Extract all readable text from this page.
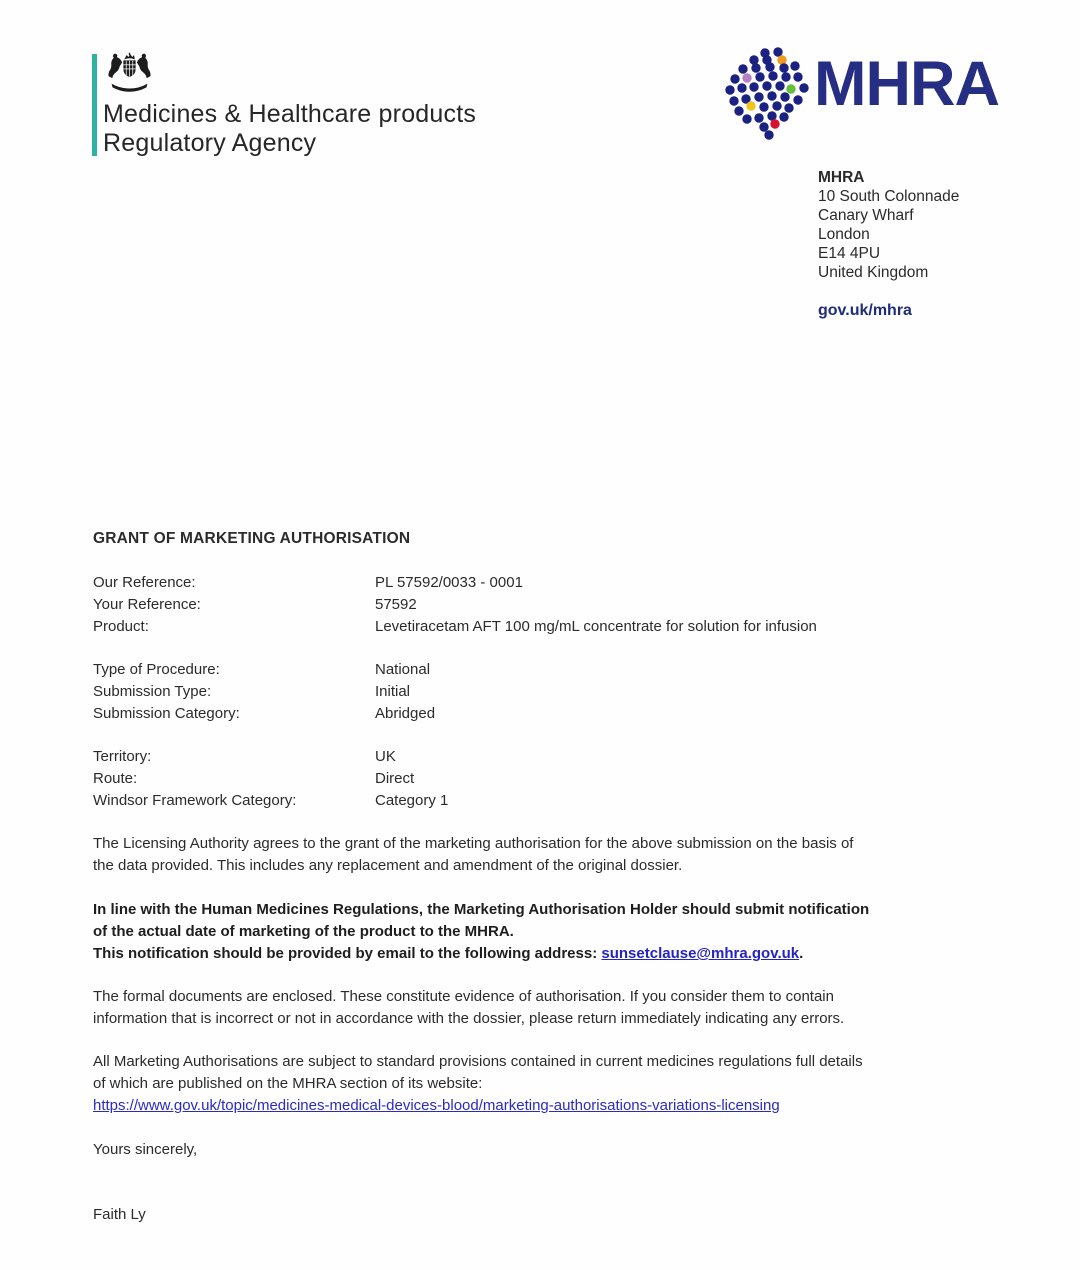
Medicines & Healthcare products
Regulatory Agency
MHRA
MHRA
10 South Colonnade
Canary Wharf
London
E14 4PU
United Kingdom
gov.uk/mhra
GRANT OF MARKETING AUTHORISATION
Our Reference:	PL 57592/0033 - 0001
Your Reference:	57592
Product:	Levetiracetam AFT 100 mg/mL concentrate for solution for infusion
Type of Procedure:	National
Submission Type:	Initial
Submission Category:	Abridged
Territory:	UK
Route:	Direct
Windsor Framework Category:	Category 1
The Licensing Authority agrees to the grant of the marketing authorisation for the above submission on the basis of
the data provided. This includes any replacement and amendment of the original dossier.
In line with the Human Medicines Regulations, the Marketing Authorisation Holder should submit notification
of the actual date of marketing of the product to the MHRA.
This notification should be provided by email to the following address: sunsetclause@mhra.gov.uk.
The formal documents are enclosed. These constitute evidence of authorisation. If you consider them to contain
information that is incorrect or not in accordance with the dossier, please return immediately indicating any errors.
All Marketing Authorisations are subject to standard provisions contained in current medicines regulations full details
of which are published on the MHRA section of its website:
https://www.gov.uk/topic/medicines-medical-devices-blood/marketing-authorisations-variations-licensing
Yours sincerely,
Faith Ly
